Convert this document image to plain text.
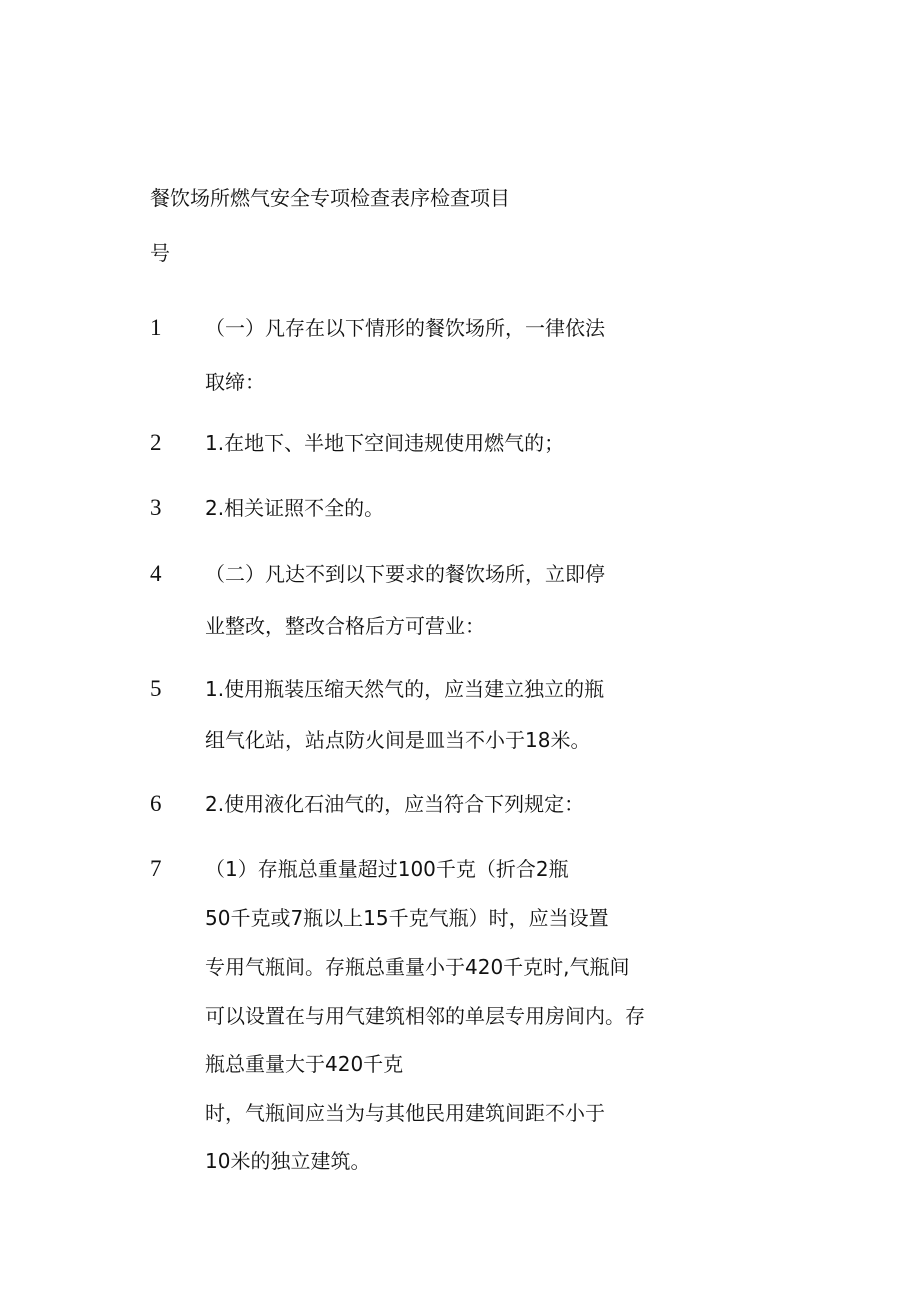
餐饮场所燃气安全专项检查表序检查项目
号
1 （一）凡存在以下情形的餐饮场所，一律依法
取缔：
2 1.在地下、半地下空间违规使用燃气的；
3 2.相关证照不全的。
4 （二）凡达不到以下要求的餐饮场所，立即停
业整改，整改合格后方可营业：
5 1.使用瓶装压缩天然气的，应当建立独立的瓶
组气化站，站点防火间是皿当不小于18米。
6 2.使用液化石油气的，应当符合下列规定：
7 （1）存瓶总重量超过100千克（折合2瓶
50千克或7瓶以上15千克气瓶）时，应当设置
专用气瓶间。存瓶总重量小于420千克时,气瓶间
可以设置在与用气建筑相邻的单层专用房间内。存
瓶总重量大于420千克
时，气瓶间应当为与其他民用建筑间距不小于
10米的独立建筑。
